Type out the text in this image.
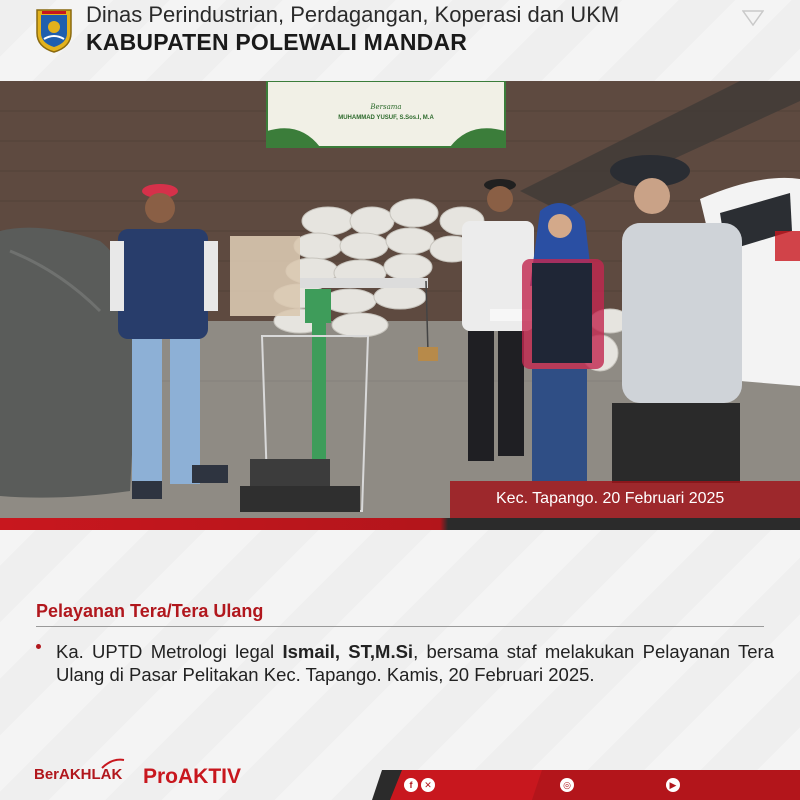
Dinas Perindustrian, Perdagangan, Koperasi dan UKM
KABUPATEN POLEWALI MANDAR
Bersama
MUHAMMAD YUSUF, S.Sos.I, M.A
Kec. Tapango. 20 Februari 2025
Pelayanan Tera/Tera Ulang
Ka. UPTD Metrologi legal Ismail, ST,M.Si, bersama staf melakukan Pelayanan Tera Ulang di Pasar Pelitakan Kec. Tapango. Kamis, 20 Februari 2025.
BerAKHLAK ProAKTIV	f	✕	◎	▶
